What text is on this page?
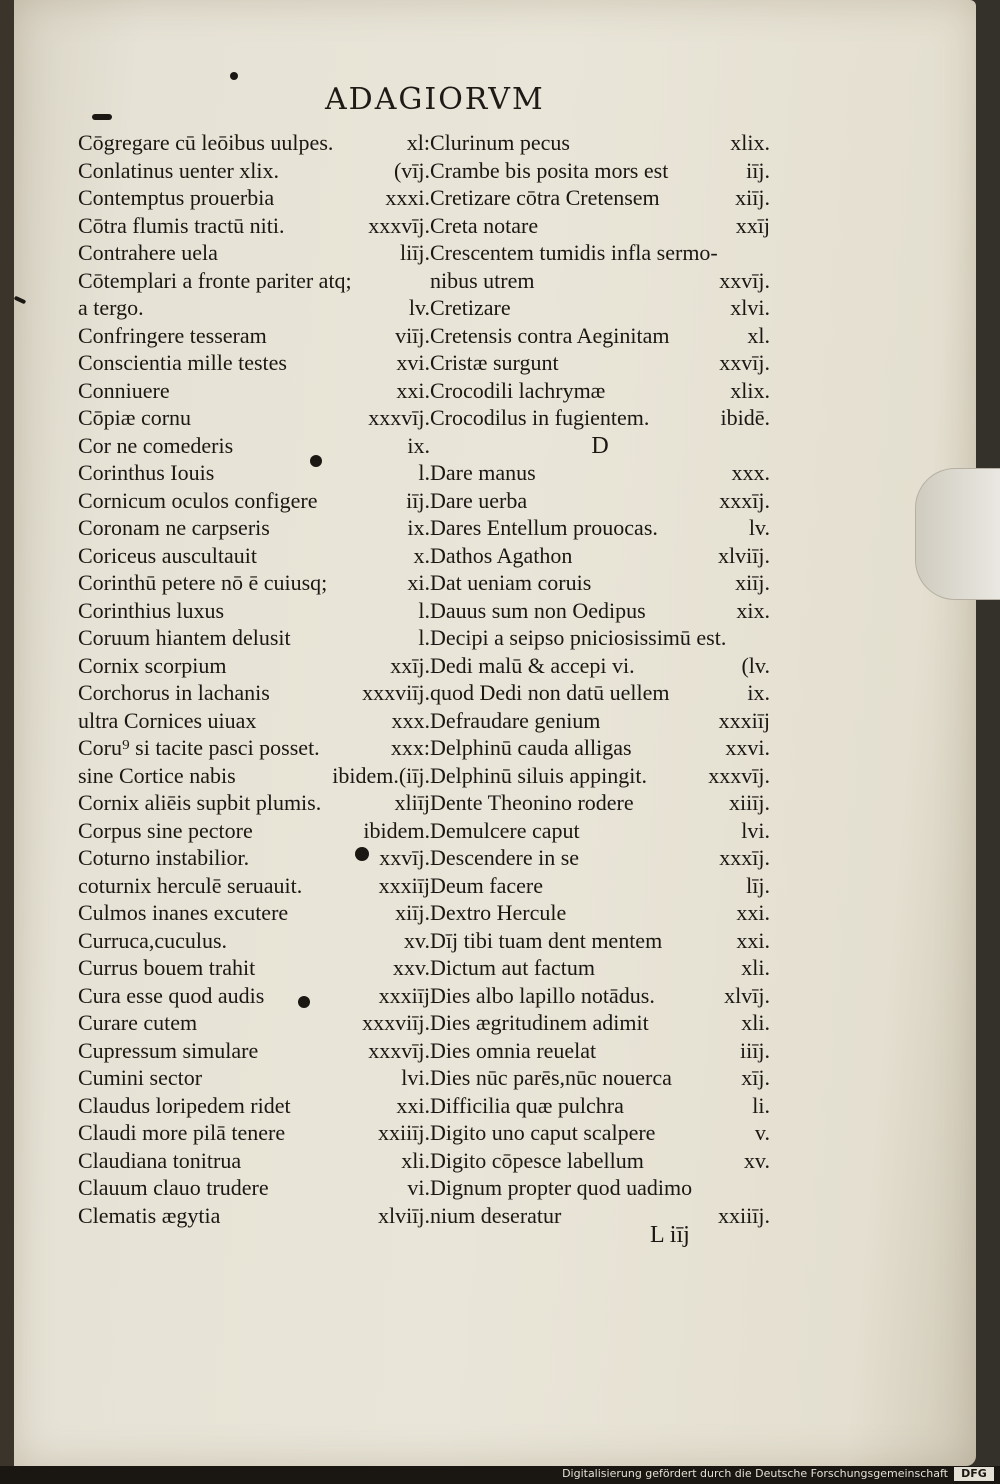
ADAGIORVM
Cōgregare cū leōibus uulpes.	xl:
Conlatinus uenter xlix.	(vīj.
Contemptus prouerbia	xxxi.
Cōtra flumis tractū niti.	xxxvīj.
Contrahere uela	liīj.
Cōtemplari a fronte pariter atq;
a tergo.	lv.
Confringere tesseram	viīj.
Conscientia mille testes	xvi.
Conniuere	xxi.
Cōpiæ cornu	xxxvīj.
Cor ne comederis	ix.
Corinthus Iouis	l.
Cornicum oculos configere	iīj.
Coronam ne carpseris	ix.
Coriceus auscultauit	x.
Corinthū petere nō ē cuiusq;	xi.
Corinthius luxus	l.
Coruum hiantem delusit	l.
Cornix scorpium	xxīj.
Corchorus in lachanis	xxxviīj.
ultra Cornices uiuax	xxx.
Coru⁹ si tacite pasci posset.	xxx:
sine Cortice nabis	ibidem.(iīj.
Cornix aliēis supbit plumis.	xliīj
Corpus sine pectore	ibidem.
Coturno instabilior.	xxvīj.
coturnix herculē seruauit.	xxxiīj
Culmos inanes excutere	xiīj.
Curruca,cuculus.	xv.
Currus bouem trahit	xxv.
Cura esse quod audis	xxxiīj
Curare cutem	xxxviīj.
Cupressum simulare	xxxvīj.
Cumini sector	lvi.
Claudus loripedem ridet	xxi.
Claudi more pilā tenere	xxiiīj.
Claudiana tonitrua	xli.
Clauum clauo trudere	vi.
Clematis ægytia	xlviīj.
Clurinum pecus	xlix.
Crambe bis posita mors est	iīj.
Cretizare cōtra Cretensem	xiīj.
Creta notare	xxīj
Crescentem tumidis infla sermo-
nibus utrem	xxvīj.
Cretizare	xlvi.
Cretensis contra Aeginitam	xl.
Cristæ surgunt	xxvīj.
Crocodili lachrymæ	xlix.
Crocodilus in fugientem.	ibidē.
D
Dare manus	xxx.
Dare uerba	xxxīj.
Dares Entellum prouocas.	lv.
Dathos Agathon	xlviīj.
Dat ueniam coruis	xiīj.
Dauus sum non Oedipus	xix.
Decipi a seipso pniciosissimū est.
Dedi malū & accepi vi.	(lv.
quod Dedi non datū uellem	ix.
Defraudare genium	xxxiīj
Delphinū cauda alligas	xxvi.
Delphinū siluis appingit.	xxxvīj.
Dente Theonino rodere	xiiīj.
Demulcere caput	lvi.
Descendere in se	xxxīj.
Deum facere	līj.
Dextro Hercule	xxi.
Dīj tibi tuam dent mentem	xxi.
Dictum aut factum	xli.
Dies albo lapillo notādus.	xlvīj.
Dies ægritudinem adimit	xli.
Dies omnia reuelat	iiīj.
Dies nūc parēs,nūc nouerca	xīj.
Difficilia quæ pulchra	li.
Digito uno caput scalpere	v.
Digito cōpesce labellum	xv.
Dignum propter quod uadimo
nium deseratur	xxiiīj.
L iīj
Digitalisierung gefördert durch die Deutsche Forschungsgemeinschaft	DFG
